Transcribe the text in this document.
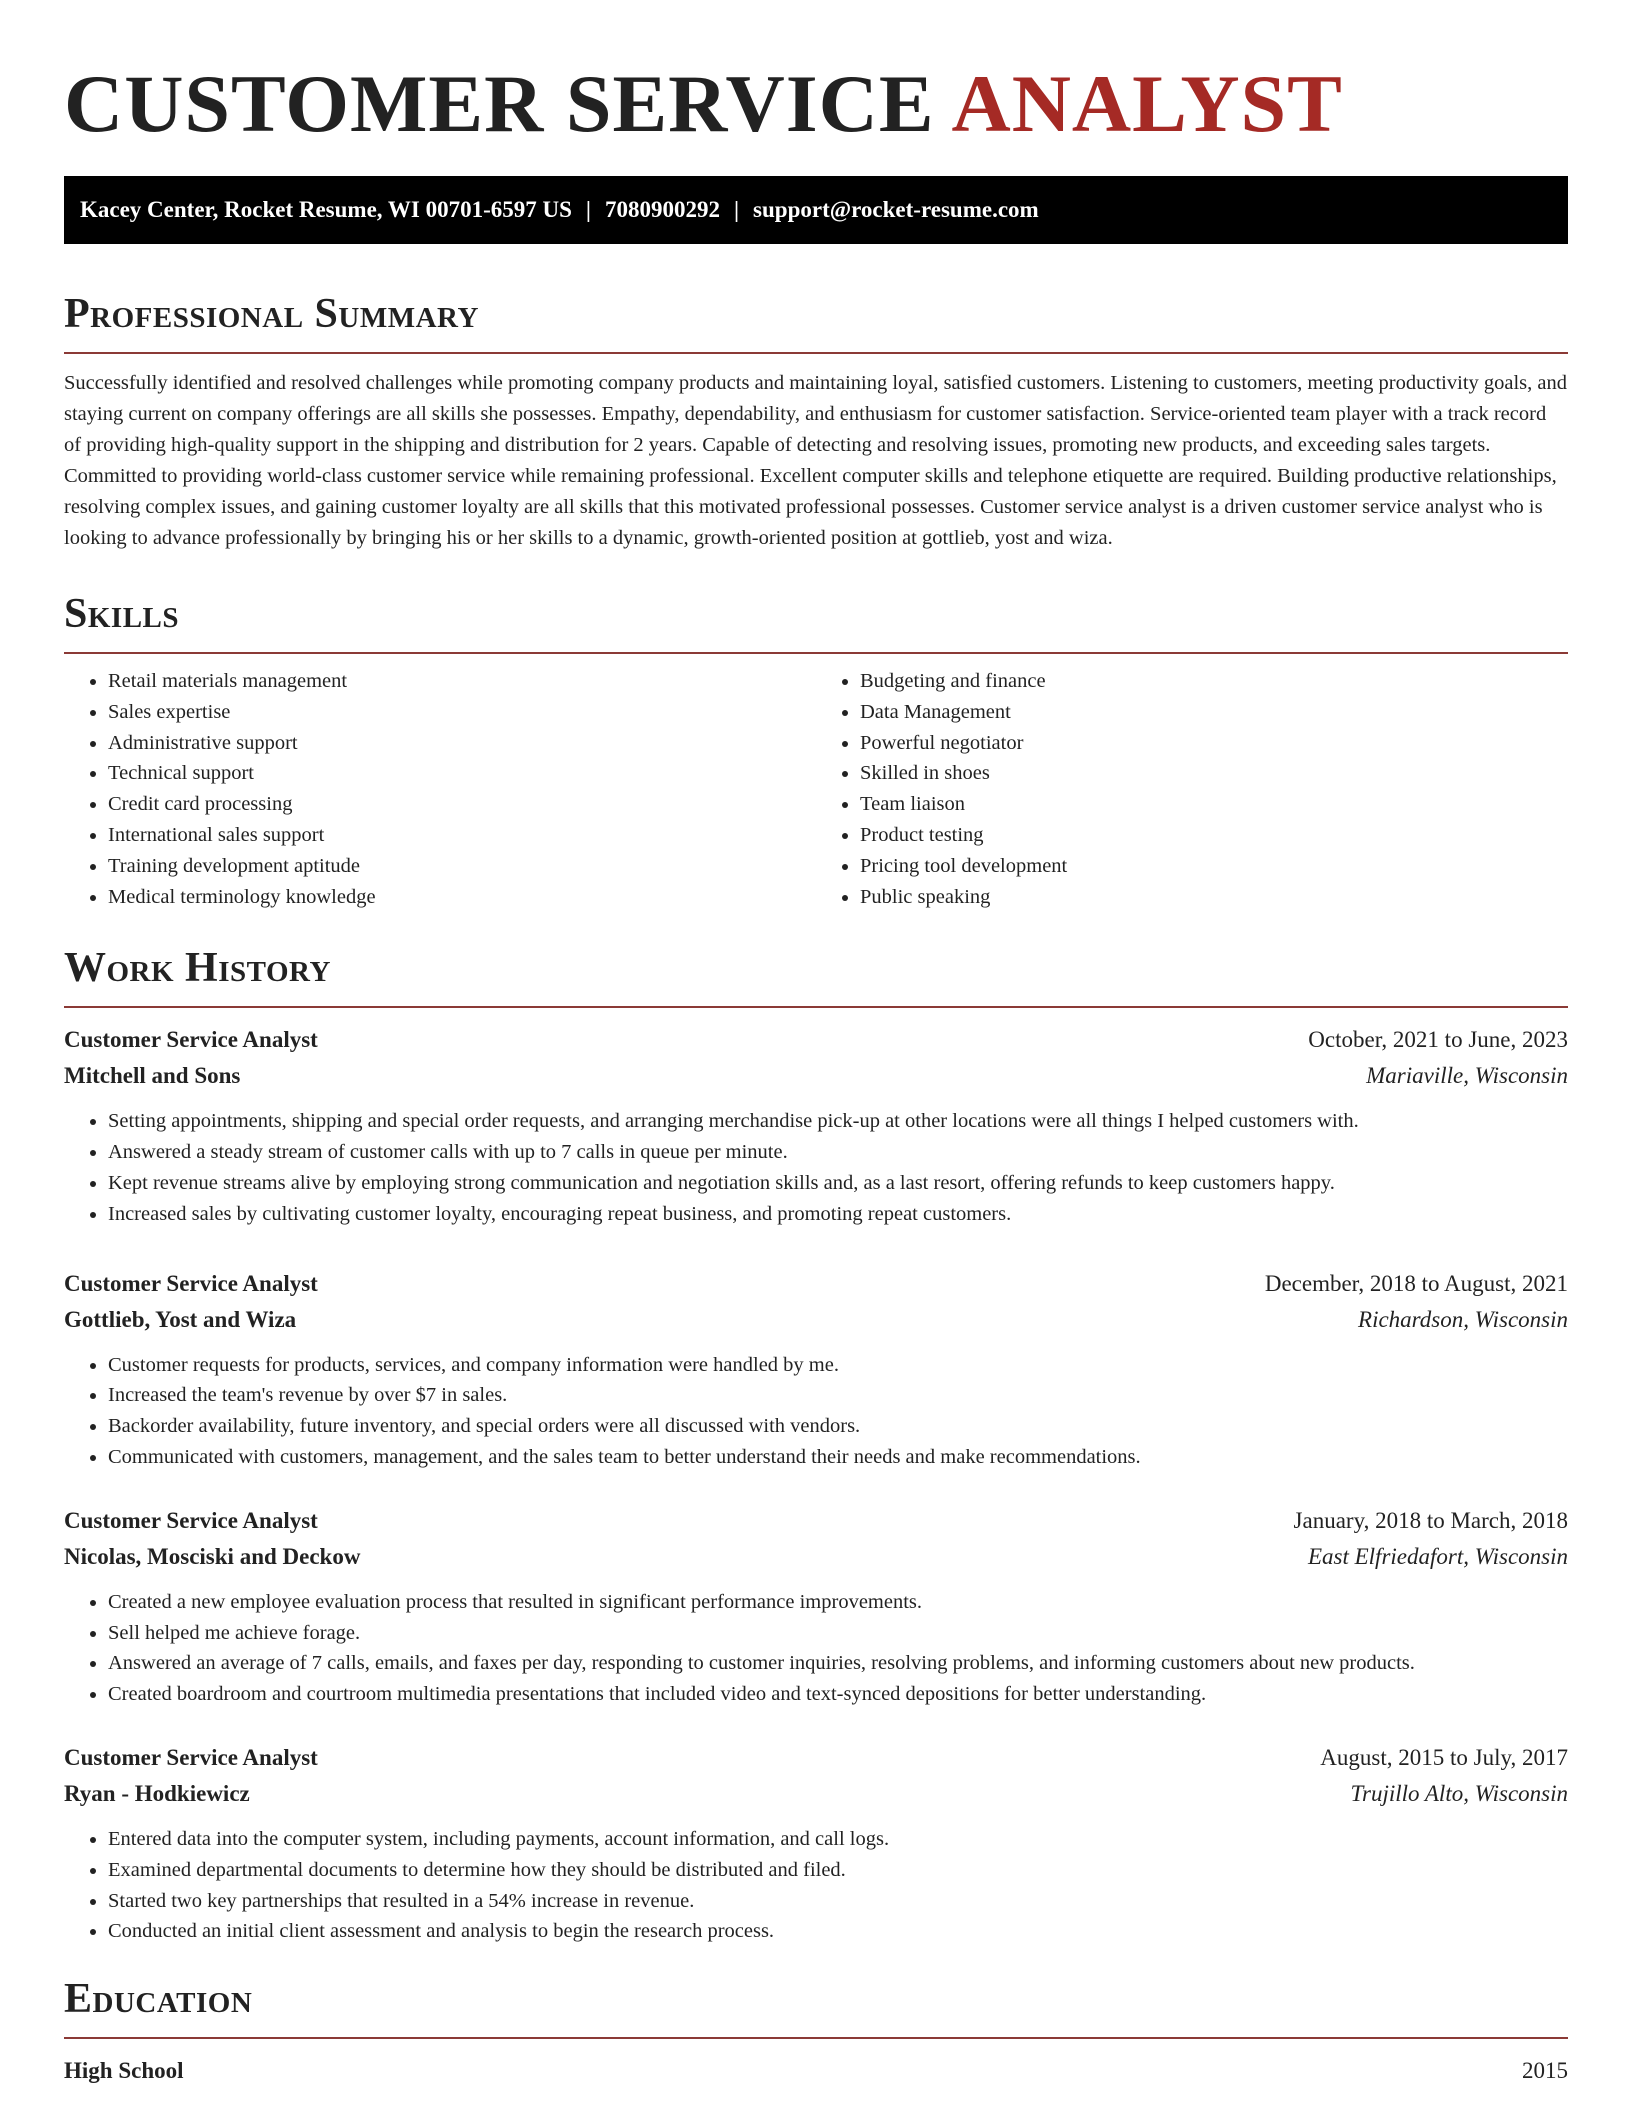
CUSTOMER SERVICE ANALYST
Kacey Center, Rocket Resume, WI 00701-6597 US | 7080900292 | support@rocket-resume.com
Professional Summary

Successfully identified and resolved challenges while promoting company products and maintaining loyal, satisfied customers. Listening to customers, meeting productivity goals, and staying current on company offerings are all skills she possesses. Empathy, dependability, and enthusiasm for customer satisfaction. Service-oriented team player with a track record of providing high-quality support in the shipping and distribution for 2 years. Capable of detecting and resolving issues, promoting new products, and exceeding sales targets. Committed to providing world-class customer service while remaining professional. Excellent computer skills and telephone etiquette are required. Building productive relationships, resolving complex issues, and gaining customer loyalty are all skills that this motivated professional possesses. Customer service analyst is a driven customer service analyst who is looking to advance professionally by bringing his or her skills to a dynamic, growth-oriented position at gottlieb, yost and wiza.

Skills
• Retail materials management
• Sales expertise
• Administrative support
• Technical support
• Credit card processing
• International sales support
• Training development aptitude
• Medical terminology knowledge
• Budgeting and finance
• Data Management
• Powerful negotiator
• Skilled in shoes
• Team liaison
• Product testing
• Pricing tool development
• Public speaking
Work History
Customer Service Analyst	October, 2021 to June, 2023
Mitchell and Sons	Mariaville, Wisconsin
• Setting appointments, shipping and special order requests, and arranging merchandise pick-up at other locations were all things I helped customers with.
• Answered a steady stream of customer calls with up to 7 calls in queue per minute.
• Kept revenue streams alive by employing strong communication and negotiation skills and, as a last resort, offering refunds to keep customers happy.
• Increased sales by cultivating customer loyalty, encouraging repeat business, and promoting repeat customers.
Customer Service Analyst	December, 2018 to August, 2021
Gottlieb, Yost and Wiza	Richardson, Wisconsin
• Customer requests for products, services, and company information were handled by me.
• Increased the team's revenue by over $7 in sales.
• Backorder availability, future inventory, and special orders were all discussed with vendors.
• Communicated with customers, management, and the sales team to better understand their needs and make recommendations.
Customer Service Analyst	January, 2018 to March, 2018
Nicolas, Mosciski and Deckow	East Elfriedafort, Wisconsin
• Created a new employee evaluation process that resulted in significant performance improvements.
• Sell helped me achieve forage.
• Answered an average of 7 calls, emails, and faxes per day, responding to customer inquiries, resolving problems, and informing customers about new products.
• Created boardroom and courtroom multimedia presentations that included video and text-synced depositions for better understanding.
Customer Service Analyst	August, 2015 to July, 2017
Ryan - Hodkiewicz	Trujillo Alto, Wisconsin
• Entered data into the computer system, including payments, account information, and call logs.
• Examined departmental documents to determine how they should be distributed and filed.
• Started two key partnerships that resulted in a 54% increase in revenue.
• Conducted an initial client assessment and analysis to begin the research process.
Education
High School	2015
